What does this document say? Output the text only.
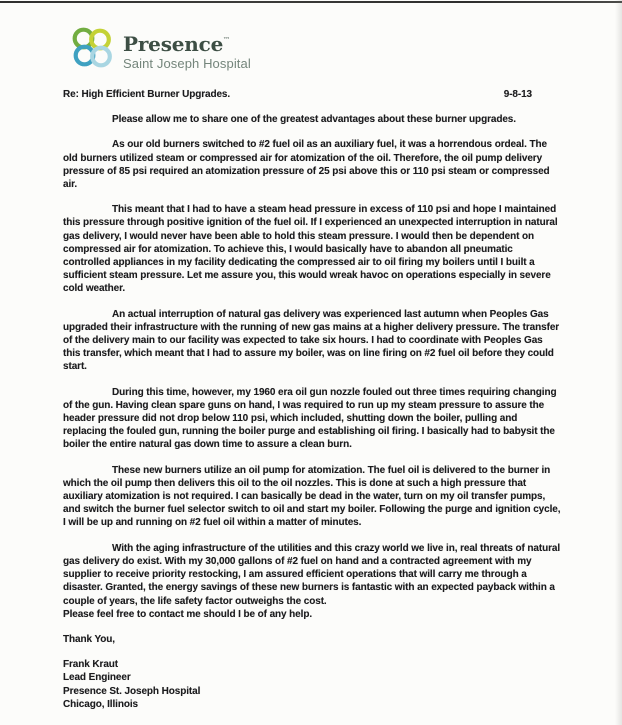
Presence™
Saint Joseph Hospital
Re: High Efficient Burner Upgrades.	9-8-13

Please allow me to share one of the greatest advantages about these burner upgrades.

As our old burners switched to #2 fuel oil as an auxiliary fuel, it was a horrendous ordeal. The old burners utilized steam or compressed air for atomization of the oil. Therefore, the oil pump delivery pressure of 85 psi required an atomization pressure of 25 psi above this or 110 psi steam or compressed air.

This meant that I had to have a steam head pressure in excess of 110 psi and hope I maintained this pressure through positive ignition of the fuel oil. If I experienced an unexpected interruption in natural gas delivery, I would never have been able to hold this steam pressure. I would then be dependent on compressed air for atomization. To achieve this, I would basically have to abandon all pneumatic controlled appliances in my facility dedicating the compressed air to oil firing my boilers until I built a sufficient steam pressure. Let me assure you, this would wreak havoc on operations especially in severe cold weather.

An actual interruption of natural gas delivery was experienced last autumn when Peoples Gas upgraded their infrastructure with the running of new gas mains at a higher delivery pressure. The transfer of the delivery main to our facility was expected to take six hours. I had to coordinate with Peoples Gas this transfer, which meant that I had to assure my boiler, was on line firing on #2 fuel oil before they could start.

During this time, however, my 1960 era oil gun nozzle fouled out three times requiring changing of the gun. Having clean spare guns on hand, I was required to run up my steam pressure to assure the header pressure did not drop below 110 psi, which included, shutting down the boiler, pulling and replacing the fouled gun, running the boiler purge and establishing oil firing. I basically had to babysit the boiler the entire natural gas down time to assure a clean burn.

These new burners utilize an oil pump for atomization. The fuel oil is delivered to the burner in which the oil pump then delivers this oil to the oil nozzles. This is done at such a high pressure that auxiliary atomization is not required. I can basically be dead in the water, turn on my oil transfer pumps, and switch the burner fuel selector switch to oil and start my boiler. Following the purge and ignition cycle, I will be up and running on #2 fuel oil within a matter of minutes.

With the aging infrastructure of the utilities and this crazy world we live in, real threats of natural gas delivery do exist. With my 30,000 gallons of #2 fuel on hand and a contracted agreement with my supplier to receive priority restocking, I am assured efficient operations that will carry me through a disaster. Granted, the energy savings of these new burners is fantastic with an expected payback within a couple of years, the life safety factor outweighs the cost.

Please feel free to contact me should I be of any help.

Thank You,
Frank Kraut
Lead Engineer
Presence St. Joseph Hospital
Chicago, Illinois
